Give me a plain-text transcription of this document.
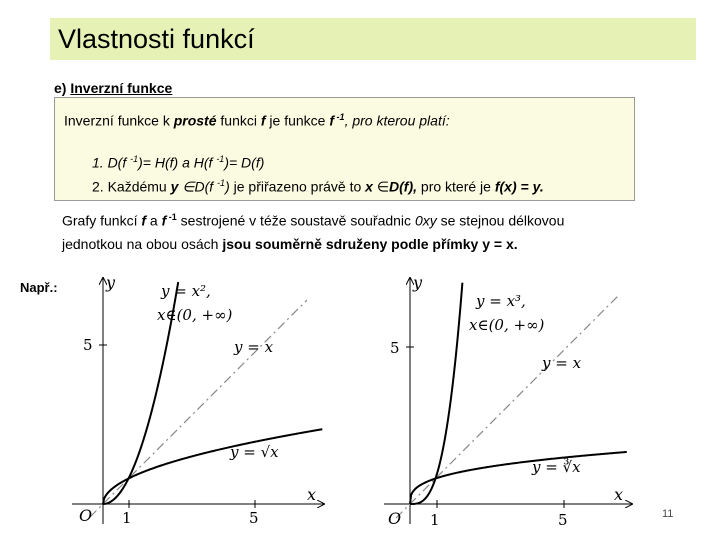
Vlastnosti funkcí
e) Inverzní funkce
Inverzní funkce k prosté funkci f je funkce f $^{-1}$, pro kterou platí:
1. D(f $^{-1}$)= H(f) a H(f $^{-1}$)= D(f)
2. Každému y ∈D(f $^{-1}$) je přiřazeno právě to x ∈D(f), pro které je f(x) = y.
Grafy funkcí f a f $^{-1}$ sestrojené v téže soustavě souřadnic 0xy se stejnou délkovou
jednotkou na obou osách jsou souměrně sdruženy podle přímky y = x.
Např.:	y
x
O 1	5
5
y = x²,
x∈(0, +∞)
y = x
y = √x
y
x
O 1	5
5
y = x³,
x∈(0, +∞)
y = x
y = ∛x
11
